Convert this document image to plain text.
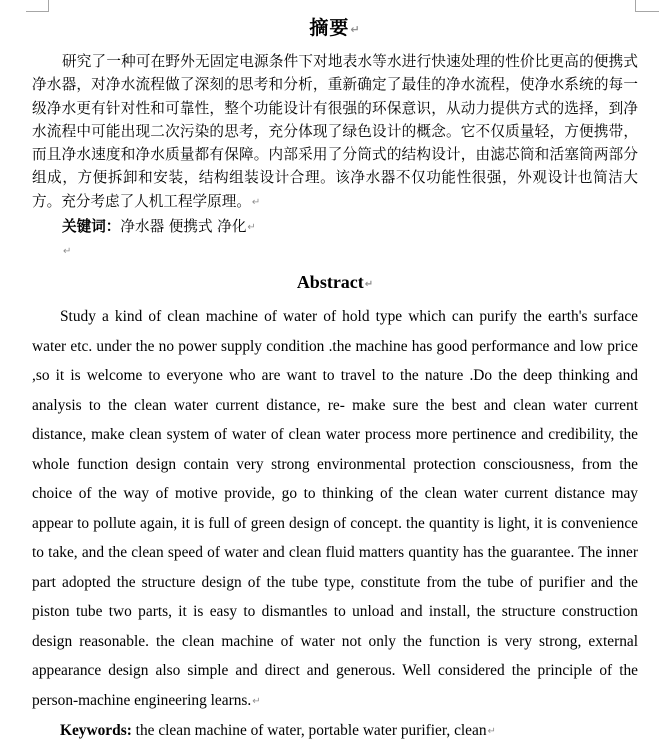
摘要↵

研究了一种可在野外无固定电源条件下对地表水等水进行快速处理的性价比更高的便携式净水器，对净水流程做了深刻的思考和分析，重新确定了最佳的净水流程，使净水系统的每一级净水更有针对性和可靠性，整个功能设计有很强的环保意识，从动力提供方式的选择，到净水流程中可能出现二次污染的思考，充分体现了绿色设计的概念。它不仅质量轻，方便携带，而且净水速度和净水质量都有保障。内部采用了分筒式的结构设计，由滤芯筒和活塞筒两部分组成，方便拆卸和安装，结构组装设计合理。该净水器不仅功能性很强，外观设计也简洁大方。充分考虑了人机工程学原理。↵

关键词：净水器 便携式 净化↵

↵

Abstract↵

Study a kind of clean machine of water of hold type which can purify the earth's surface water etc. under the no power supply condition .the machine has good performance and low price ,so it is welcome to everyone who are want to travel to the nature .Do the deep thinking and analysis to the clean water current distance, re- make sure the best and clean water current distance, make clean system of water of clean water process more pertinence and credibility, the whole function design contain very strong environmental protection consciousness, from the choice of the way of motive provide, go to thinking of the clean water current distance may appear to pollute again, it is full of green design of concept. the quantity is light, it is convenience to take, and the clean speed of water and clean fluid matters quantity has the guarantee. The inner part adopted the structure design of the tube type, constitute from the tube of purifier and the piston tube two parts, it is easy to dismantles to unload and install, the structure construction design reasonable. the clean machine of water not only the function is very strong, external appearance design also simple and direct and generous. Well considered the principle of the person-machine engineering learns.↵

Keywords: the clean machine of water, portable water purifier, clean↵
